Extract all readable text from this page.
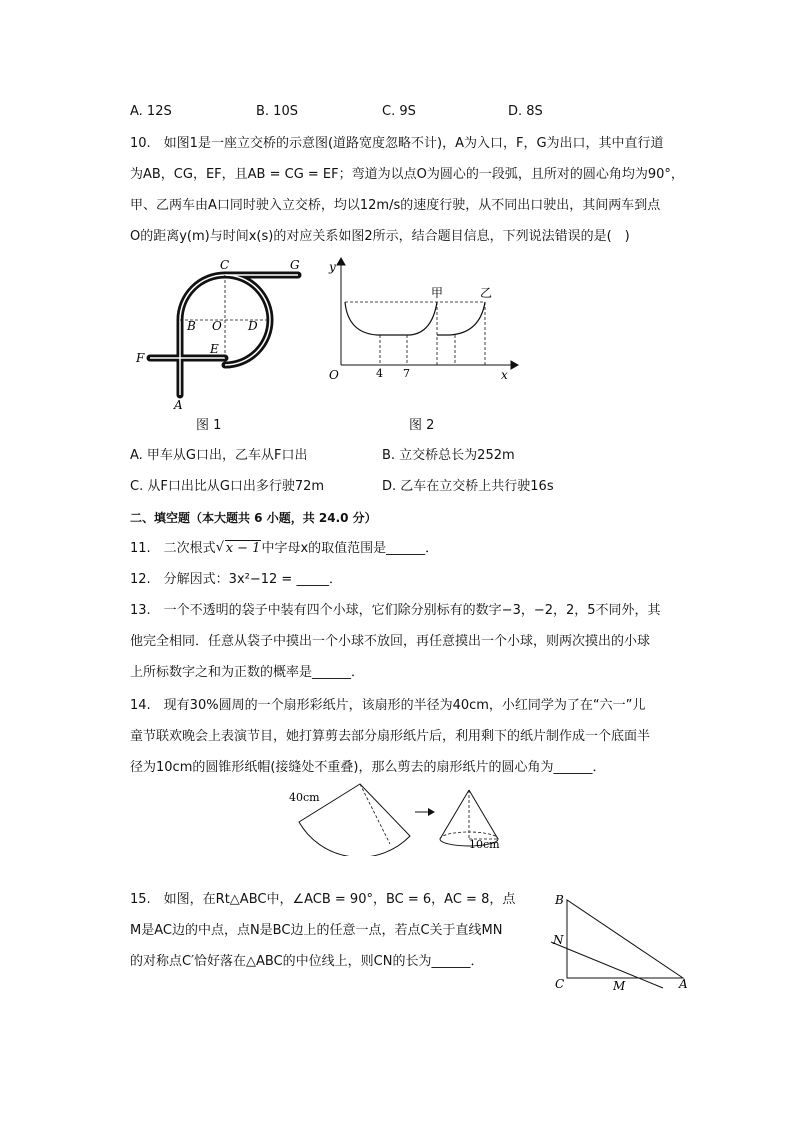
A. 12S	B. 10S	C. 9S	D. 8S
10.　如图1是一座立交桥的示意图(道路宽度忽略不计)，A为入口，F，G为出口，其中直行道
为AB，CG，EF，且AB = CG = EF；弯道为以点O为圆心的一段弧，且所对的圆心角均为90°，
甲、乙两车由A口同时驶入立交桥，均以12m/s的速度行驶，从不同出口驶出，其间两车到点
O的距离y(m)与时间x(s)的对应关系如图2所示，结合题目信息，下列说法错误的是(　)
C	G
B O D
E
F
A
图 1
y
甲	乙
O	x
4 7
图 2
A. 甲车从G口出，乙车从F口出	B. 立交桥总长为252m
C. 从F口出比从G口出多行驶72m	D. 乙车在立交桥上共行驶16s
二、填空题（本大题共 6 小题，共 24.0 分）
11.　二次根式 √ x − 1中字母x的取值范围是______．
12.　分解因式：3x²−12 = _____．
13.　一个不透明的袋子中装有四个小球，它们除分别标有的数字−3，−2，2，5不同外，其
他完全相同．任意从袋子中摸出一个小球不放回，再任意摸出一个小球，则两次摸出的小球
上所标数字之和为正数的概率是______．
14.　现有30%圆周的一个扇形彩纸片，该扇形的半径为40cm，小红同学为了在“六一”儿
童节联欢晚会上表演节目，她打算剪去部分扇形纸片后，利用剩下的纸片制作成一个底面半
径为10cm的圆锥形纸帽(接缝处不重叠)，那么剪去的扇形纸片的圆心角为______．
40cm
10cm
15.　如图，在Rt△ABC中，∠ACB = 90°，BC = 6，AC = 8，点
M是AC边的中点，点N是BC边上的任意一点，若点C关于直线MN
的对称点C′恰好落在△ABC的中位线上，则CN的长为______．
B
N
C	M	A
